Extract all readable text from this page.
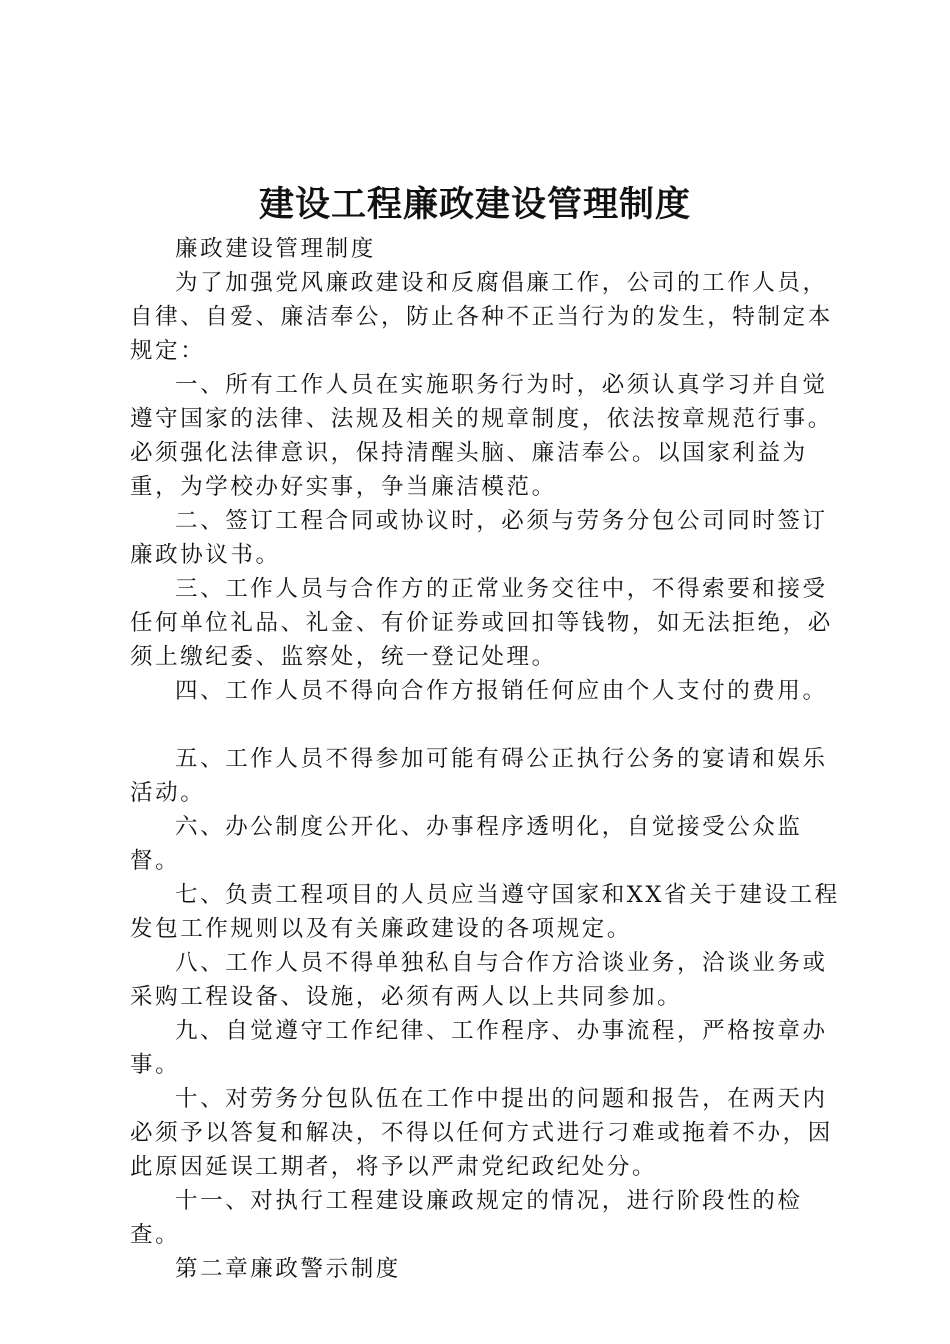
建设工程廉政建设管理制度

廉政建设管理制度

为了加强党风廉政建设和反腐倡廉工作，公司的工作人员，自律、自爱、廉洁奉公，防止各种不正当行为的发生，特制定本规定：

一、所有工作人员在实施职务行为时，必须认真学习并自觉遵守国家的法律、法规及相关的规章制度，依法按章规范行事。必须强化法律意识，保持清醒头脑、廉洁奉公。以国家利益为重，为学校办好实事，争当廉洁模范。

二、签订工程合同或协议时，必须与劳务分包公司同时签订廉政协议书。

三、工作人员与合作方的正常业务交往中，不得索要和接受任何单位礼品、礼金、有价证券或回扣等钱物，如无法拒绝，必须上缴纪委、监察处，统一登记处理。

四、工作人员不得向合作方报销任何应由个人支付的费用。

五、工作人员不得参加可能有碍公正执行公务的宴请和娱乐活动。

六、办公制度公开化、办事程序透明化，自觉接受公众监督。

七、负责工程项目的人员应当遵守国家和XX省关于建设工程发包工作规则以及有关廉政建设的各项规定。

八、工作人员不得单独私自与合作方洽谈业务，洽谈业务或采购工程设备、设施，必须有两人以上共同参加。

九、自觉遵守工作纪律、工作程序、办事流程，严格按章办事。

十、对劳务分包队伍在工作中提出的问题和报告，在两天内必须予以答复和解决，不得以任何方式进行刁难或拖着不办，因此原因延误工期者，将予以严肃党纪政纪处分。

十一、对执行工程建设廉政规定的情况，进行阶段性的检查。

第二章廉政警示制度
